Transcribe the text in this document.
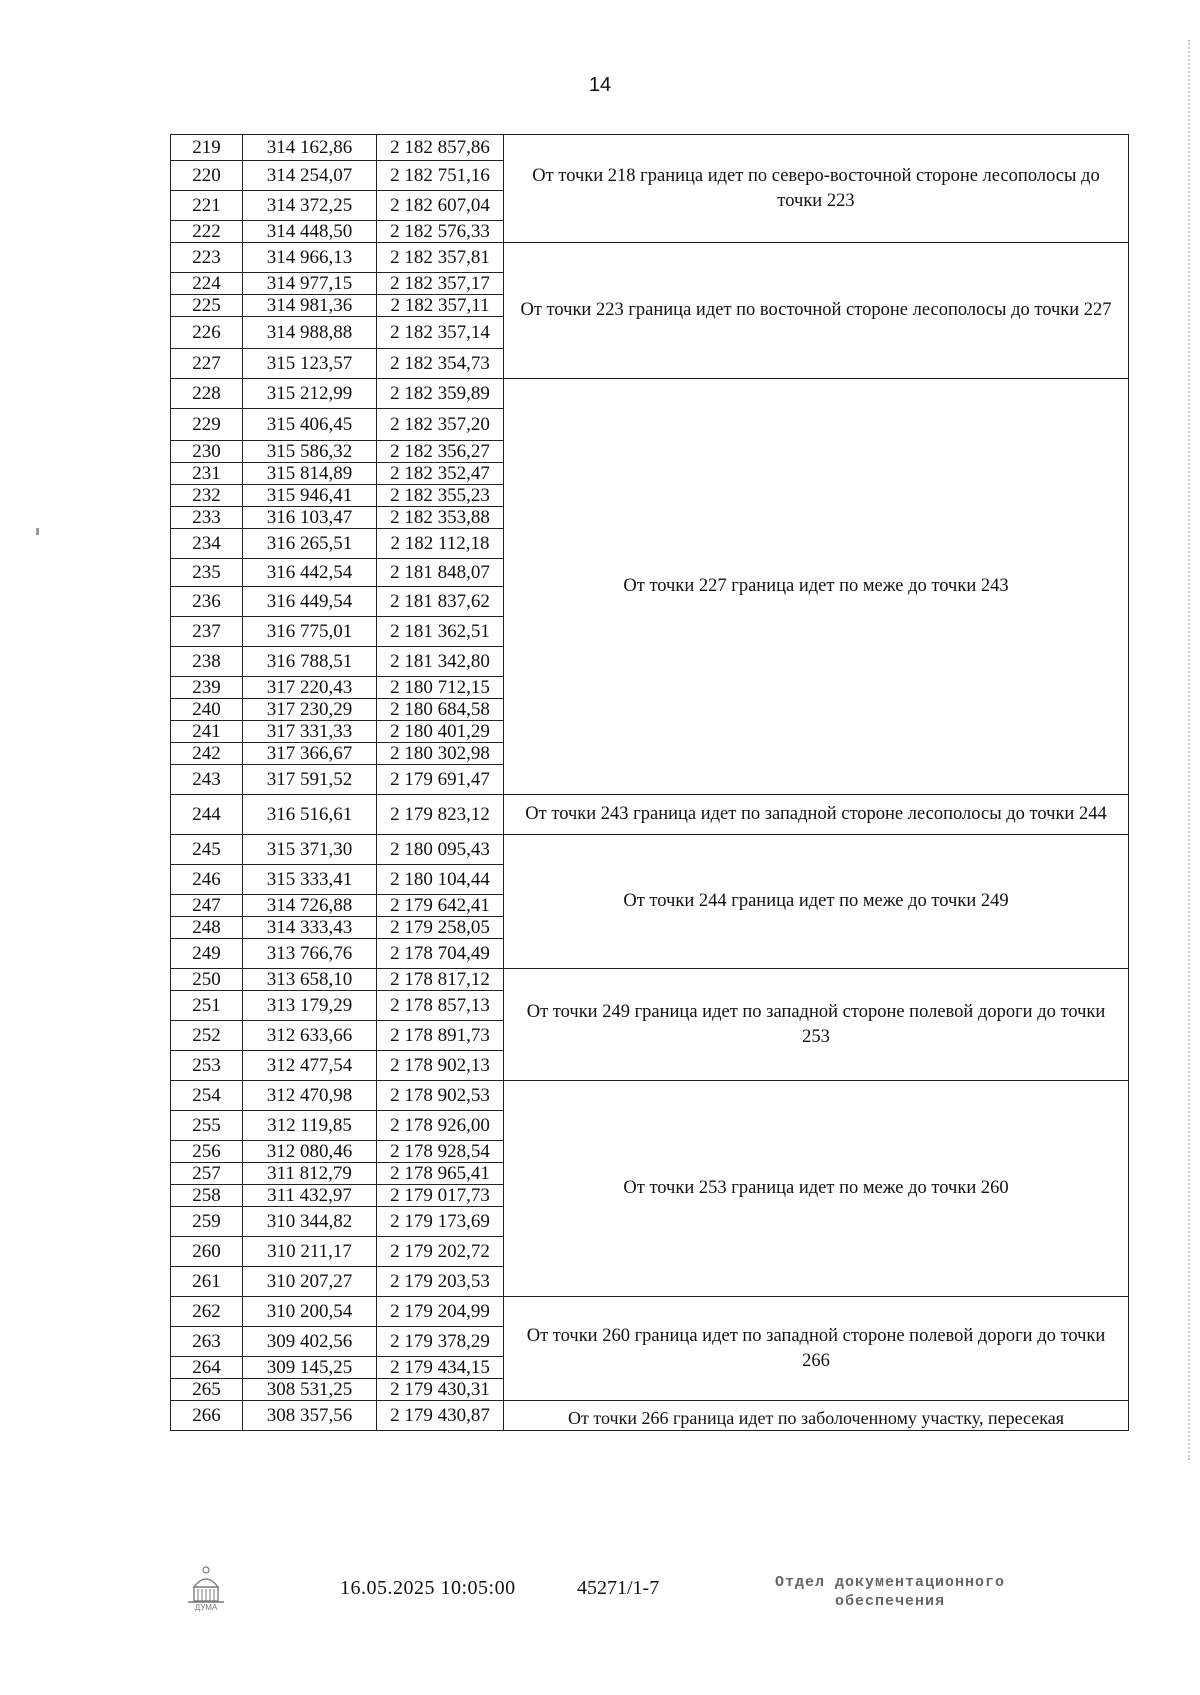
14
219	314 162,86	2 182 857,86	От точки 218 граница идет по северо-восточной стороне лесополосы до точки 223
220	314 254,07	2 182 751,16	
221	314 372,25	2 182 607,04	
222	314 448,50	2 182 576,33	
223	314 966,13	2 182 357,81	От точки 223 граница идет по восточной стороне лесополосы до точки 227
224	314 977,15	2 182 357,17	
225	314 981,36	2 182 357,11	
226	314 988,88	2 182 357,14	
227	315 123,57	2 182 354,73	
228	315 212,99	2 182 359,89	От точки 227 граница идет по меже до точки 243
229	315 406,45	2 182 357,20	
230	315 586,32	2 182 356,27	
231	315 814,89	2 182 352,47	
232	315 946,41	2 182 355,23	
233	316 103,47	2 182 353,88	
234	316 265,51	2 182 112,18	
235	316 442,54	2 181 848,07	
236	316 449,54	2 181 837,62	
237	316 775,01	2 181 362,51	
238	316 788,51	2 181 342,80	
239	317 220,43	2 180 712,15	
240	317 230,29	2 180 684,58	
241	317 331,33	2 180 401,29	
242	317 366,67	2 180 302,98	
243	317 591,52	2 179 691,47	
244	316 516,61	2 179 823,12	От точки 243 граница идет по западной стороне лесополосы до точки 244
245	315 371,30	2 180 095,43	От точки 244 граница идет по меже до точки 249
246	315 333,41	2 180 104,44	
247	314 726,88	2 179 642,41	
248	314 333,43	2 179 258,05	
249	313 766,76	2 178 704,49	
250	313 658,10	2 178 817,12	От точки 249 граница идет по западной стороне полевой дороги до точки 253
251	313 179,29	2 178 857,13	
252	312 633,66	2 178 891,73	
253	312 477,54	2 178 902,13	
254	312 470,98	2 178 902,53	От точки 253 граница идет по меже до точки 260
255	312 119,85	2 178 926,00	
256	312 080,46	2 178 928,54	
257	311 812,79	2 178 965,41	
258	311 432,97	2 179 017,73	
259	310 344,82	2 179 173,69	
260	310 211,17	2 179 202,72	
261	310 207,27	2 179 203,53	
262	310 200,54	2 179 204,99	От точки 260 граница идет по западной стороне полевой дороги до точки 266
263	309 402,56	2 179 378,29	
264	309 145,25	2 179 434,15	
265	308 531,25	2 179 430,31	
266	308 357,56	2 179 430,87	От точки 266 граница идет по заболоченному участку, пересекая
ДУМА
16.05.2025 10:05:00	45271/1-7	Отдел документационного
обеспечения
